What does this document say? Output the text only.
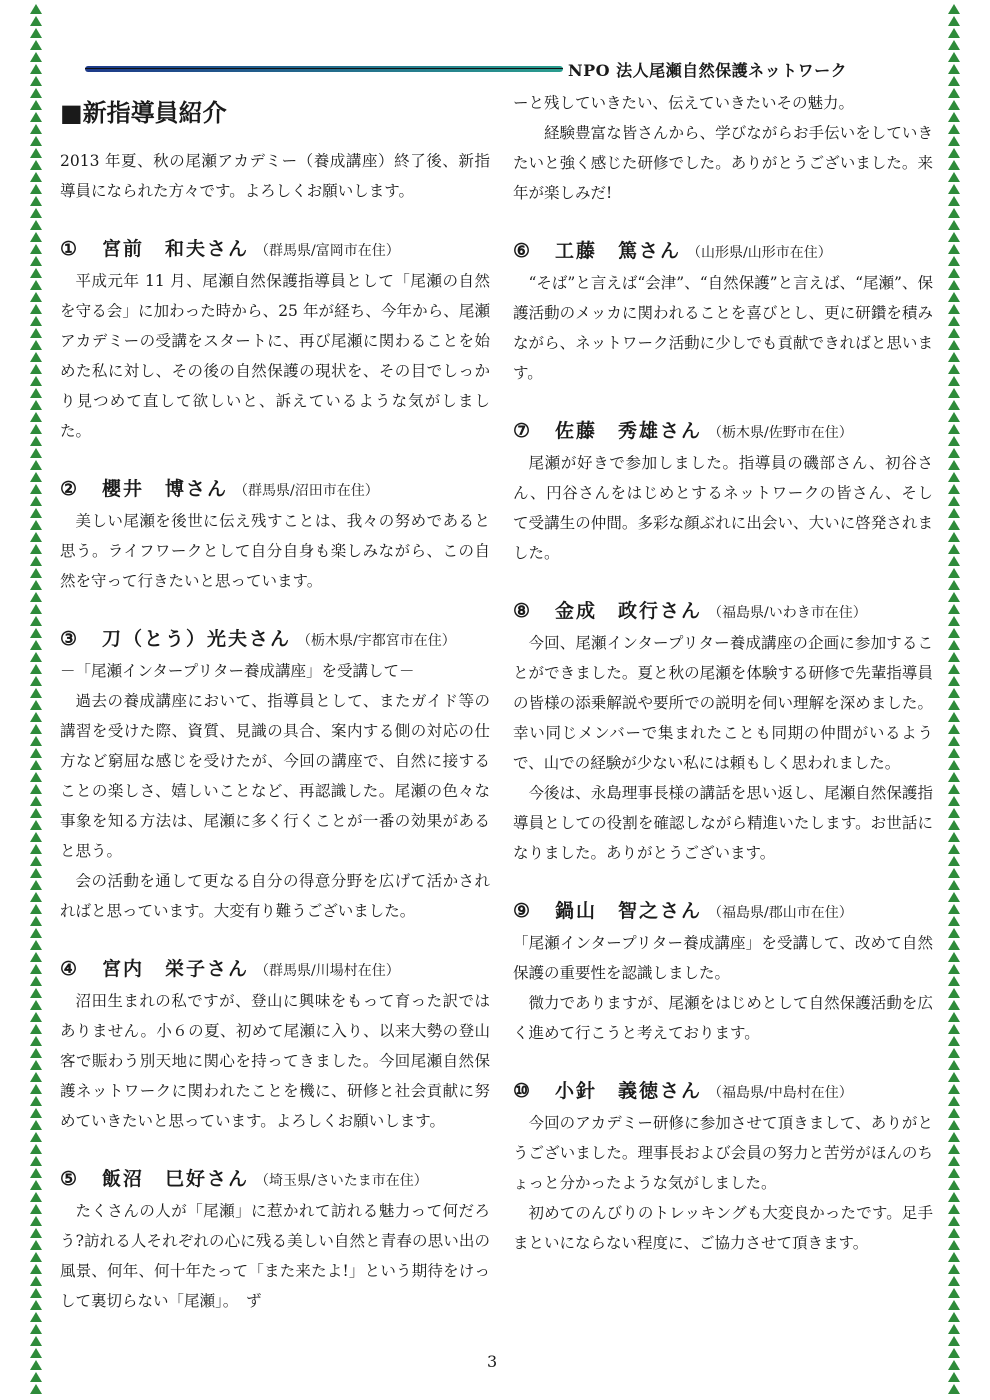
NPO 法人尾瀬自然保護ネットワーク
■新指導員紹介

2013 年夏、秋の尾瀬アカデミー（養成講座）終了後、新指導員になられた方々です。よろしくお願いします。

① 宮前　和夫さん （群馬県/富岡市在住）

平成元年 11 月、尾瀬自然保護指導員として「尾瀬の自然を守る会」に加わった時から、25 年が経ち、今年から、尾瀬アカデミーの受講をスタートに、再び尾瀬に関わることを始めた私に対し、その後の自然保護の現状を、その目でしっかり見つめて直して欲しいと、訴えているような気がしました。

② 櫻井　博さん （群馬県/沼田市在住）

美しい尾瀬を後世に伝え残すことは、我々の努めであると思う。ライフワークとして自分自身も楽しみながら、この自然を守って行きたいと思っています。

③ 刀（とう）光夫さん （栃木県/宇都宮市在住）

－「尾瀬インタープリター養成講座」を受講して－

過去の養成講座において、指導員として、またガイド等の講習を受けた際、資質、見識の具合、案内する側の対応の仕方など窮屈な感じを受けたが、今回の講座で、自然に接することの楽しさ、嬉しいことなど、再認識した。尾瀬の色々な事象を知る方法は、尾瀬に多く行くことが一番の効果があると思う。

会の活動を通して更なる自分の得意分野を広げて活かされればと思っています。大変有り難うございました。

④ 宮内　栄子さん （群馬県/川場村在住）

沼田生まれの私ですが、登山に興味をもって育った訳ではありません。小６の夏、初めて尾瀬に入り、以来大勢の登山客で賑わう別天地に関心を持ってきました。今回尾瀬自然保護ネットワークに関われたことを機に、研修と社会貢献に努めていきたいと思っています。よろしくお願いします。

⑤ 飯沼　巳好さん （埼玉県/さいたま市在住）

たくさんの人が「尾瀬」に惹かれて訪れる魅力って何だろう?訪れる人それぞれの心に残る美しい自然と青春の思い出の風景、何年、何十年たって「また来たよ!」という期待をけっして裏切らない「尾瀬」。　ず

ーと残していきたい、伝えていきたいその魅力。

経験豊富な皆さんから、学びながらお手伝いをしていきたいと強く感じた研修でした。ありがとうございました。来年が楽しみだ!

⑥ 工藤　篤さん （山形県/山形市在住）

“そば”と言えば“会津”、“自然保護”と言えば、“尾瀬”、保護活動のメッカに関われることを喜びとし、更に研鑽を積みながら、ネットワーク活動に少しでも貢献できればと思います。

⑦ 佐藤　秀雄さん （栃木県/佐野市在住）

尾瀬が好きで参加しました。指導員の磯部さん、初谷さん、円谷さんをはじめとするネットワークの皆さん、そして受講生の仲間。多彩な顔ぶれに出会い、大いに啓発されました。

⑧ 金成　政行さん （福島県/いわき市在住）

今回、尾瀬インタープリター養成講座の企画に参加することができました。夏と秋の尾瀬を体験する研修で先輩指導員の皆様の添乗解説や要所での説明を伺い理解を深めました。幸い同じメンバーで集まれたことも同期の仲間がいるようで、山での経験が少ない私には頼もしく思われました。

今後は、永島理事長様の講話を思い返し、尾瀬自然保護指導員としての役割を確認しながら精進いたします。お世話になりました。ありがとうございます。

⑨ 鍋山　智之さん （福島県/郡山市在住）

「尾瀬インタープリター養成講座」を受講して、改めて自然保護の重要性を認識しました。

微力でありますが、尾瀬をはじめとして自然保護活動を広く進めて行こうと考えております。

⑩ 小針　義徳さん （福島県/中島村在住）

今回のアカデミー研修に参加させて頂きまして、ありがとうございました。理事長および会員の努力と苦労がほんのちょっと分かったような気がしました。

初めてのんびりのトレッキングも大変良かったです。足手まといにならない程度に、ご協力させて頂きます。

3
